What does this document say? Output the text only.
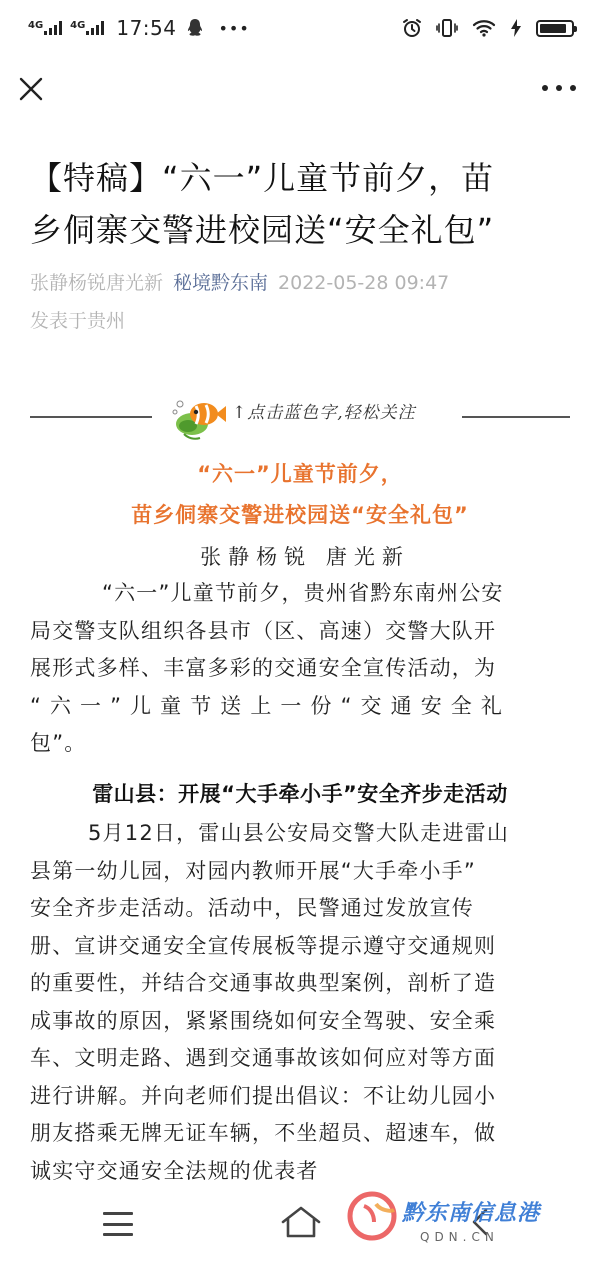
4G	4G 17:54	•••
【特稿】“六一”儿童节前夕，苗
乡侗寨交警进校园送“安全礼包”
张静杨锐唐光新 秘境黔东南 2022-05-28 09:47
发表于贵州
↑点击蓝色字,轻松关注
“六一”儿童节前夕，
苗乡侗寨交警进校园送“安全礼包”
张静杨锐 唐光新
“六一”儿童节前夕，贵州省黔东南州公安
局交警支队组织各县市（区、高速）交警大队开
展形式多样、丰富多彩的交通安全宣传活动，为
“ 六 一 ” 儿 童 节 送 上 一 份 “ 交 通 安 全 礼
包”。
雷山县：开展“大手牵小手”安全齐步走活动
5月12日，雷山县公安局交警大队走进雷山
县第一幼儿园，对园内教师开展“大手牵小手”
安全齐步走活动。活动中，民警通过发放宣传
册、宣讲交通安全宣传展板等提示遵守交通规则
的重要性，并结合交通事故典型案例，剖析了造
成事故的原因，紧紧围绕如何安全驾驶、安全乘
车、文明走路、遇到交通事故该如何应对等方面
进行讲解。并向老师们提出倡议：不让幼儿园小
朋友搭乘无牌无证车辆，不坐超员、超速车，做
诚实守交通安全法规的优表者
黔东南信息港
QDN.CN
